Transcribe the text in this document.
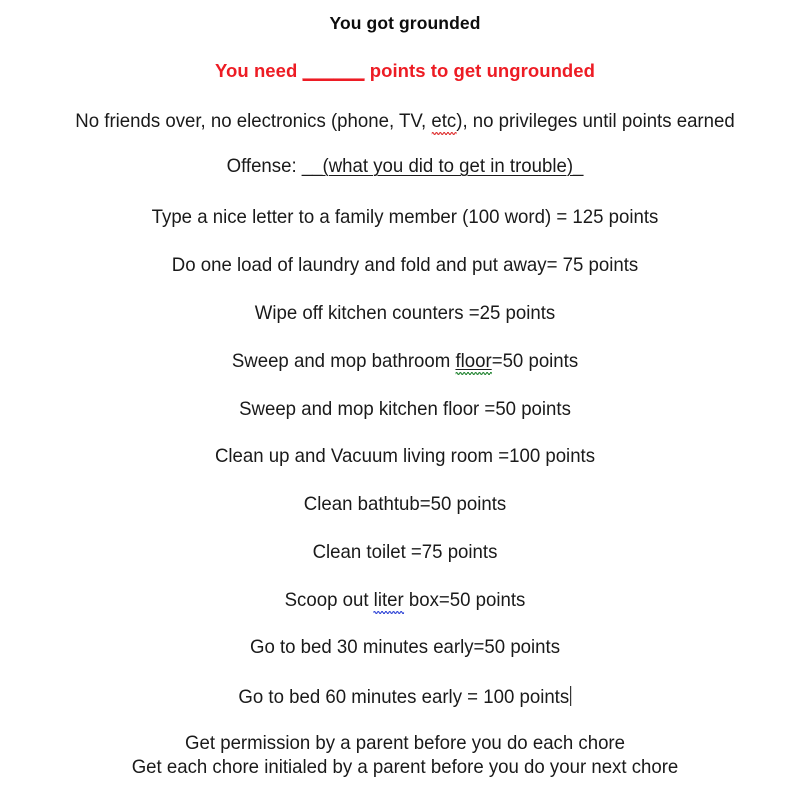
You got grounded
You need ______ points to get ungrounded
No friends over, no electronics (phone, TV, etc), no privileges until points earned
Offense: __(what you did to get in trouble)_
Type a nice letter to a family member (100 word) = 125 points
Do one load of laundry and fold and put away= 75 points
Wipe off kitchen counters =25 points
Sweep and mop bathroom floor=50 points
Sweep and mop kitchen floor =50 points
Clean up and Vacuum living room =100 points
Clean bathtub=50 points
Clean toilet =75 points
Scoop out liter box=50 points
Go to bed 30 minutes early=50 points
Go to bed 60 minutes early = 100 points
Get permission by a parent before you do each chore
Get each chore initialed by a parent before you do your next chore
